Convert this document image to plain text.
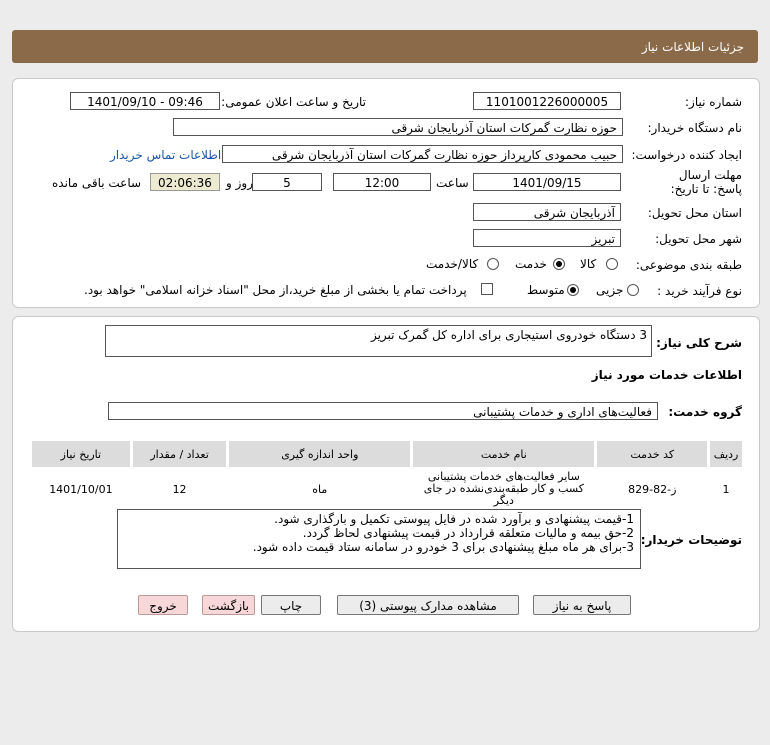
جزئیات اطلاعات نیاز
شماره نیاز:
1101001226000005
تاریخ و ساعت اعلان عمومی:
1401/09/10 - 09:46
نام دستگاه خریدار:
حوزه نظارت گمرکات استان آذربایجان شرقی
ایجاد کننده درخواست:
حبیب محمودی کارپرداز حوزه نظارت گمرکات استان آذربایجان شرقی
اطلاعات تماس خریدار
مهلت ارسال پاسخ: تا تاریخ:
1401/09/15
ساعت
12:00
5
روز و
02:06:36
ساعت باقی مانده
استان محل تحویل:
آذربایجان شرقی
شهر محل تحویل:
تبریز
طبقه بندی موضوعی:
کالا
خدمت
کالا/خدمت
نوع فرآیند خرید :
جزیی
متوسط
پرداخت تمام یا بخشی از مبلغ خرید،از محل "اسناد خزانه اسلامی" خواهد بود.
شرح کلی نیاز:
3 دستگاه خودروی استیجاری برای اداره کل گمرک تبریز
اطلاعات خدمات مورد نیاز
گروه خدمت:
فعالیت‌های اداری و خدمات پشتیبانی
ردیف	کد خدمت	نام خدمت	واحد اندازه گیری	تعداد / مقدار	تاریخ نیاز
1	ز-82-829	سایر فعالیت‌های خدمات پشتیبانی کسب و کار طبقه‌بندی‌نشده در جای دیگر	ماه	12	1401/10/01
توضیحات خریدار:
1-قیمت پیشنهادی و برآورد شده در فایل پیوستی تکمیل و بارگذاری شود.
2-حق بیمه و مالیات متعلقه قرارداد در قیمت پیشنهادی لحاظ گردد.
3-برای هر ماه مبلغ پیشنهادی برای 3 خودرو در سامانه ستاد قیمت داده شود.
پاسخ به نیاز
مشاهده مدارک پیوستی (3)
چاپ
بازگشت
خروج
